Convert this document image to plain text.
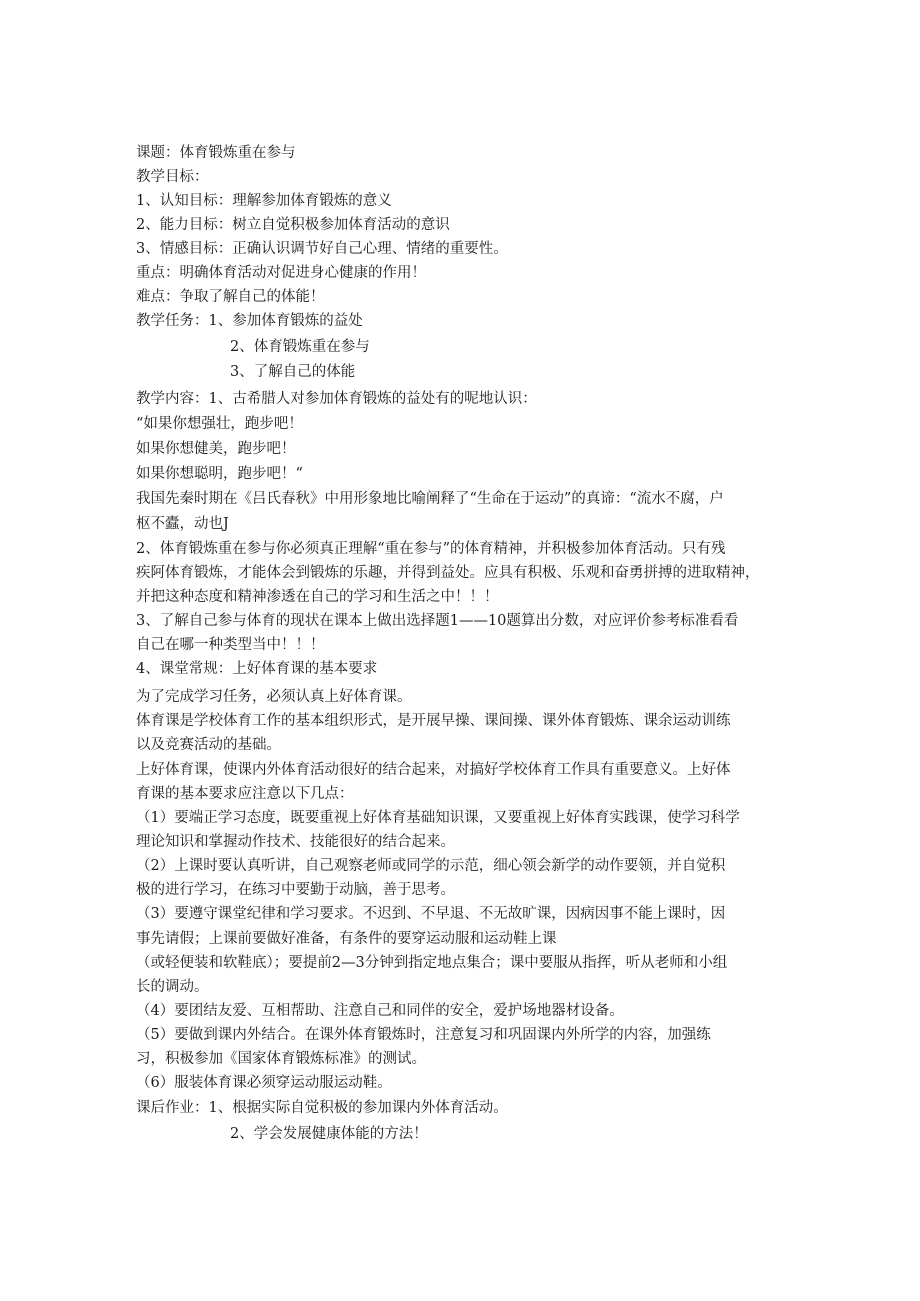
课题：体育锻炼重在参与

教学目标：

1、认知目标：理解参加体育锻炼的意义

2、能力目标：树立自觉积极参加体育活动的意识

3、情感目标：正确认识调节好自己心理、情绪的重要性。

重点：明确体育活动对促进身心健康的作用！

难点：争取了解自己的体能！

教学任务：1、参加体育锻炼的益处

2、体育锻炼重在参与

3、了解自己的体能

教学内容：1、古希腊人对参加体育锻炼的益处有的呢地认识：

“如果你想强壮，跑步吧！

如果你想健美，跑步吧！

如果你想聪明，跑步吧！“

我国先秦时期在《吕氏春秋》中用形象地比喻阐释了“生命在于运动”的真谛：“流水不腐，户

枢不蠹，动也J

2、体育锻炼重在参与你必须真正理解“重在参与”的体育精神，并积极参加体育活动。只有残

疾阿体育锻炼，才能体会到锻炼的乐趣，并得到益处。应具有积极、乐观和奋勇拼搏的进取精神，

并把这种态度和精神渗透在自己的学习和生活之中！！！

3、了解自己参与体育的现状在课本上做出选择题1——10题算出分数，对应评价参考标准看看

自己在哪一种类型当中！！！

4、课堂常规：上好体育课的基本要求

为了完成学习任务，必须认真上好体育课。

体育课是学校体育工作的基本组织形式，是开展早操、课间操、课外体育锻炼、课余运动训练

以及竞赛活动的基础。

上好体育课，使课内外体育活动很好的结合起来，对搞好学校体育工作具有重要意义。上好体

育课的基本要求应注意以下几点：

（1）要端正学习态度，既要重视上好体育基础知识课，又要重视上好体育实践课，使学习科学

理论知识和掌握动作技术、技能很好的结合起来。

（2）上课时要认真听讲，自己观察老师或同学的示范，细心领会新学的动作要领，并自觉积

极的进行学习，在练习中要勤于动脑，善于思考。

（3）要遵守课堂纪律和学习要求。不迟到、不早退、不无故旷课，因病因事不能上课时，因

事先请假；上课前要做好准备，有条件的要穿运动服和运动鞋上课

（或轻便装和软鞋底）；要提前2—3分钟到指定地点集合；课中要服从指挥，听从老师和小组

长的调动。

（4）要团结友爱、互相帮助、注意自己和同伴的安全，爱护场地器材设备。

（5）要做到课内外结合。在课外体育锻炼时，注意复习和巩固课内外所学的内容，加强练

习，积极参加《国家体育锻炼标准》的测试。

（6）服装体育课必须穿运动服运动鞋。

课后作业：1、根据实际自觉积极的参加课内外体育活动。

2、学会发展健康体能的方法！
